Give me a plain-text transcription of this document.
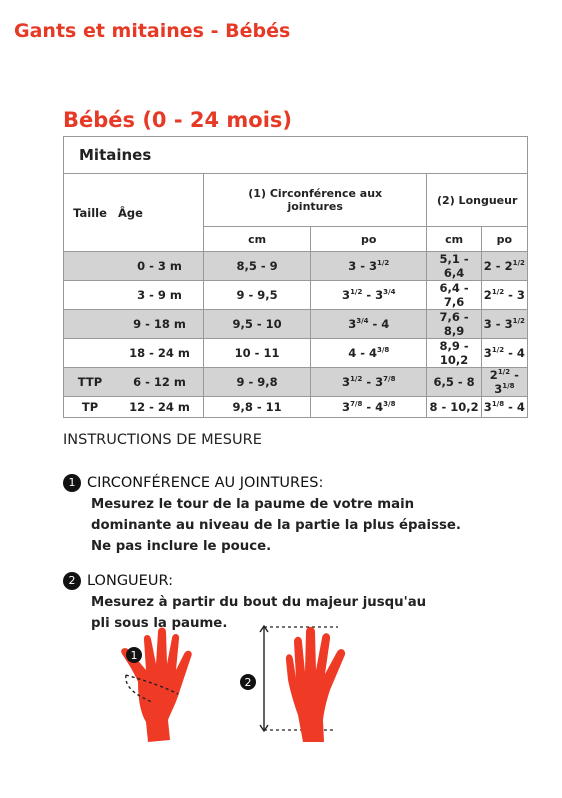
Gants et mitaines - Bébés
Bébés (0 - 24 mois)
Mitaines					
Taille	Âge	(1) Circonférence aux jointures		(2) Longueur	
		cm	po	cm	po
	0 - 3 m	8,5 - 9	$3 - 3^{1/2}$	5,1 - 6,4	$2 - 2^{1/2}$
	3 - 9 m	9 - 9,5	$3^{1/2} - 3^{3/4}$	6,4 - 7,6	$2^{1/2} - 3$
	9 - 18 m	9,5 - 10	$3^{3/4} - 4$	7,6 - 8,9	$3 - 3^{1/2}$
	18 - 24 m	10 - 11	$4 - 4^{3/8}$	8,9 - 10,2	$3^{1/2} - 4$
TTP	6 - 12 m	9 - 9,8	$3^{1/2} - 3^{7/8}$	6,5 - 8	$2^{1/2} - 3^{1/8}$
TP	12 - 24 m	9,8 - 11	$3^{7/8} - 4^{3/8}$	8 - 10,2	$3^{1/8} - 4$
INSTRUCTIONS DE MESURE
1 CIRCONFÉRENCE AU JOINTURES:
Mesurez le tour de la paume de votre main
dominante au niveau de la partie la plus épaisse.
Ne pas inclure le pouce.
2 LONGUEUR:
Mesurez à partir du bout du majeur jusqu'au
pli sous la paume.
1
2
